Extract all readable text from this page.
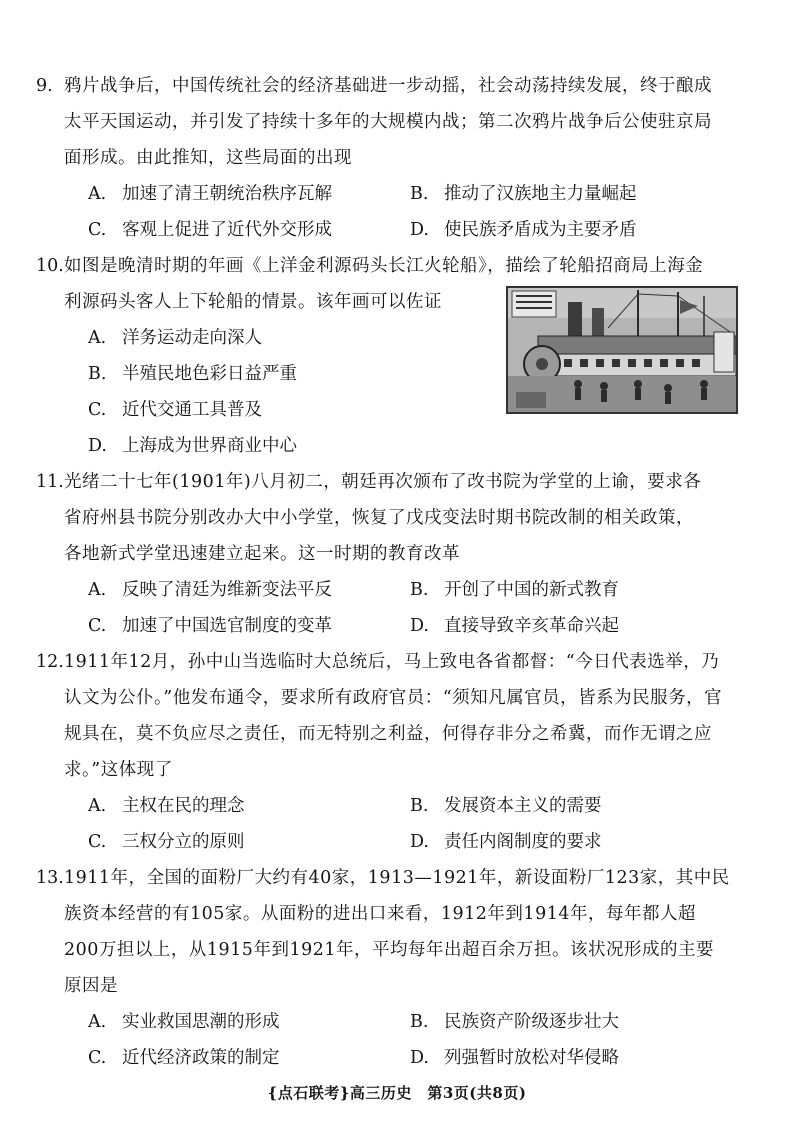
9. 鸦片战争后，中国传统社会的经济基础进一步动摇，社会动荡持续发展，终于酿成
太平天国运动，并引发了持续十多年的大规模内战；第二次鸦片战争后公使驻京局
面形成。由此推知，这些局面的出现
A. 加速了清王朝统治秩序瓦解	B. 推动了汉族地主力量崛起
C. 客观上促进了近代外交形成	D. 使民族矛盾成为主要矛盾
10. 如图是晚清时期的年画《上洋金利源码头长江火轮船》，描绘了轮船招商局上海金
利源码头客人上下轮船的情景。该年画可以佐证
A. 洋务运动走向深人
B. 半殖民地色彩日益严重
C. 近代交通工具普及
D. 上海成为世界商业中心
11. 光绪二十七年(1901年)八月初二，朝廷再次颁布了改书院为学堂的上谕，要求各
省府州县书院分别改办大中小学堂，恢复了戊戌变法时期书院改制的相关政策，
各地新式学堂迅速建立起来。这一时期的教育改革
A. 反映了清廷为维新变法平反	B. 开创了中国的新式教育
C. 加速了中国选官制度的变革	D. 直接导致辛亥革命兴起
12. 1911年12月，孙中山当选临时大总统后，马上致电各省都督：“今日代表选举，乃
认文为公仆。”他发布通令，要求所有政府官员：“须知凡属官员，皆系为民服务，官
规具在，莫不负应尽之责任，而无特别之利益，何得存非分之希冀，而作无谓之应
求。”这体现了
A. 主权在民的理念	B. 发展资本主义的需要
C. 三权分立的原则	D. 责任内阁制度的要求
13. 1911年，全国的面粉厂大约有40家，1913—1921年，新设面粉厂123家，其中民
族资本经营的有105家。从面粉的进出口来看，1912年到1914年，每年都人超
200万担以上，从1915年到1921年，平均每年出超百余万担。该状况形成的主要
原因是
A. 实业救国思潮的形成	B. 民族资产阶级逐步壮大
C. 近代经济政策的制定	D. 列强暂时放松对华侵略
{点石联考}高三历史　第3页(共8页)
